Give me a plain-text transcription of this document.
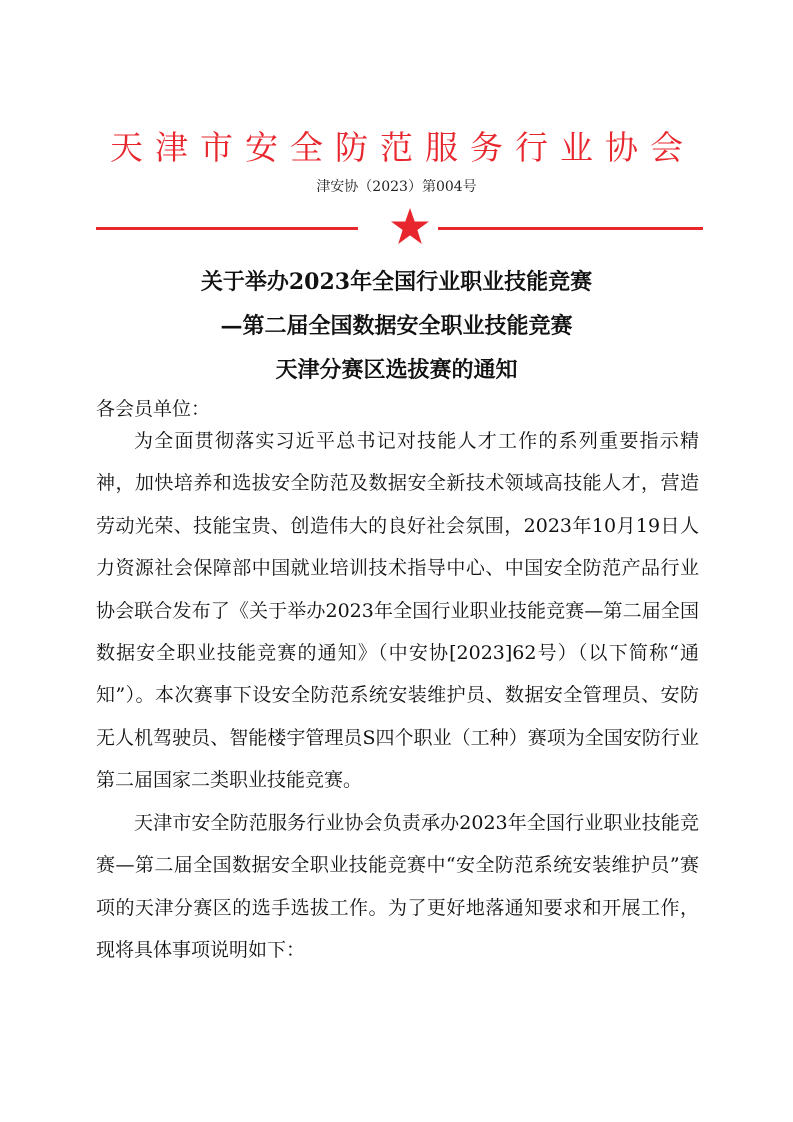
天津市安全防范服务行业协会
津安协（2023）第004号
关于举办2023年全国行业职业技能竞赛
—第二届全国数据安全职业技能竞赛
天津分赛区选拔赛的通知
各会员单位：

为全面贯彻落实习近平总书记对技能人才工作的系列重要指示精神，加快培养和选拔安全防范及数据安全新技术领域高技能人才，营造劳动光荣、技能宝贵、创造伟大的良好社会氛围，2023年10月19日人力资源社会保障部中国就业培训技术指导中心、中国安全防范产品行业协会联合发布了《关于举办2023年全国行业职业技能竞赛—第二届全国数据安全职业技能竞赛的通知》（中安协[2023]62号）（以下简称“通知”）。本次赛事下设安全防范系统安装维护员、数据安全管理员、安防无人机驾驶员、智能楼宇管理员S四个职业（工种）赛项为全国安防行业第二届国家二类职业技能竞赛。

天津市安全防范服务行业协会负责承办2023年全国行业职业技能竞赛—第二届全国数据安全职业技能竞赛中“安全防范系统安装维护员”赛项的天津分赛区的选手选拔工作。为了更好地落通知要求和开展工作，现将具体事项说明如下：
